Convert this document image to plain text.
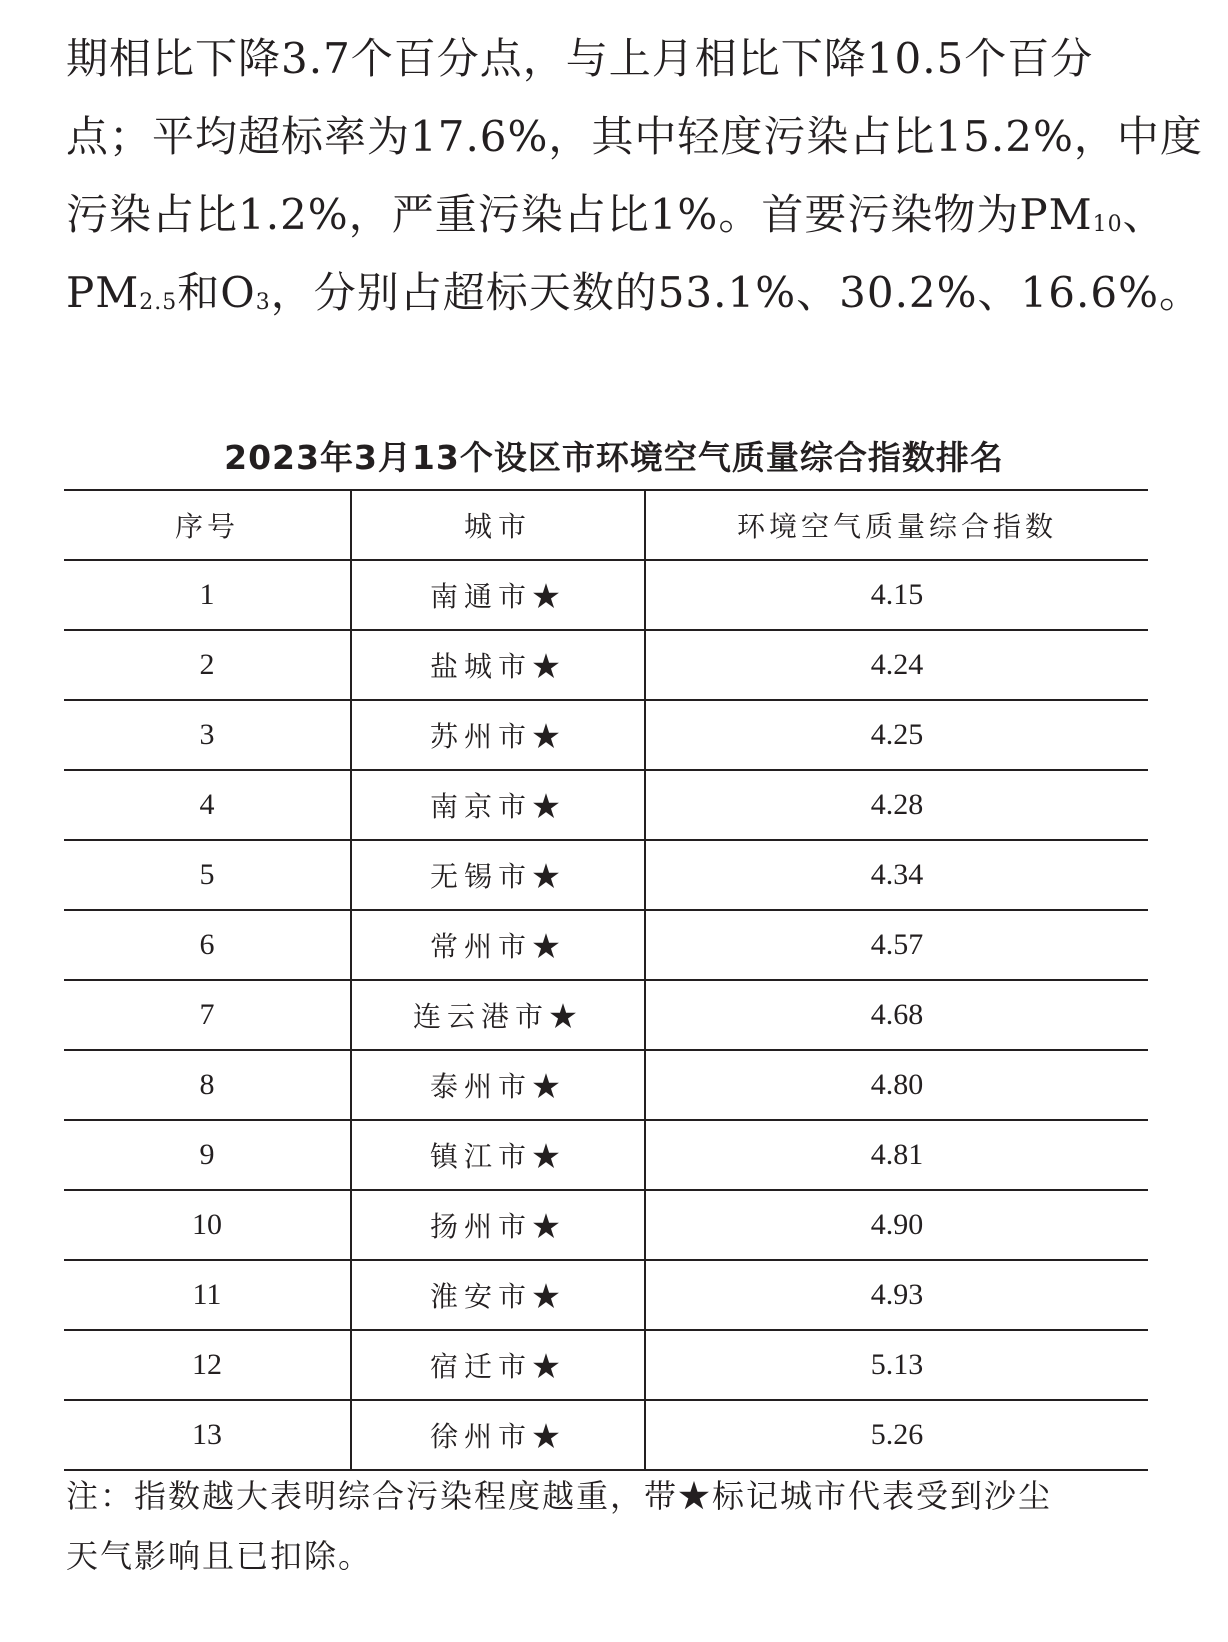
期相比下降3.7个百分点，与上月相比下降10.5个百分
点；平均超标率为17.6%，其中轻度污染占比15.2%，中度
污染占比1.2%，严重污染占比1%。首要污染物为$PM_{10}$、
$PM_{2.5}$和$O_3$，分别占超标天数的53.1%、30.2%、16.6%。
2023年3月13个设区市环境空气质量综合指数排名
序号	城市	环境空气质量综合指数
1	南通市★	4.15
2	盐城市★	4.24
3	苏州市★	4.25
4	南京市★	4.28
5	无锡市★	4.34
6	常州市★	4.57
7	连云港市★	4.68
8	泰州市★	4.80
9	镇江市★	4.81
10	扬州市★	4.90
11	淮安市★	4.93
12	宿迁市★	5.13
13	徐州市★	5.26
注：指数越大表明综合污染程度越重，带★标记城市代表受到沙尘
天气影响且已扣除。
